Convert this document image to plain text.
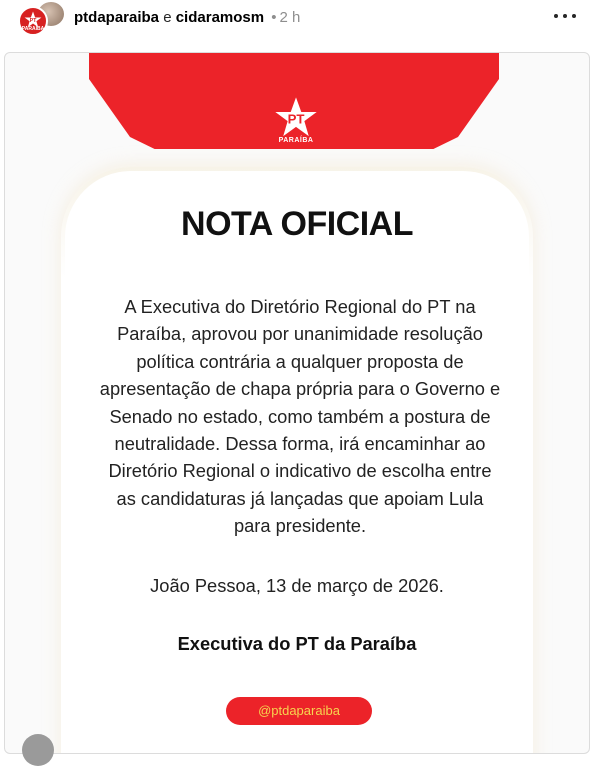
PT
PARAÍBA
ptdaparaiba e cidaramosm • 2 h
PT
PARAÍBA
NOTA OFICIAL
A Executiva do Diretório Regional do PT na
Paraíba, aprovou por unanimidade resolução
política contrária a qualquer proposta de
apresentação de chapa própria para o Governo e
Senado no estado, como também a postura de
neutralidade. Dessa forma, irá encaminhar ao
Diretório Regional o indicativo de escolha entre
as candidaturas já lançadas que apoiam Lula
para presidente.
João Pessoa, 13 de março de 2026.
Executiva do PT da Paraíba
@ptdaparaiba
